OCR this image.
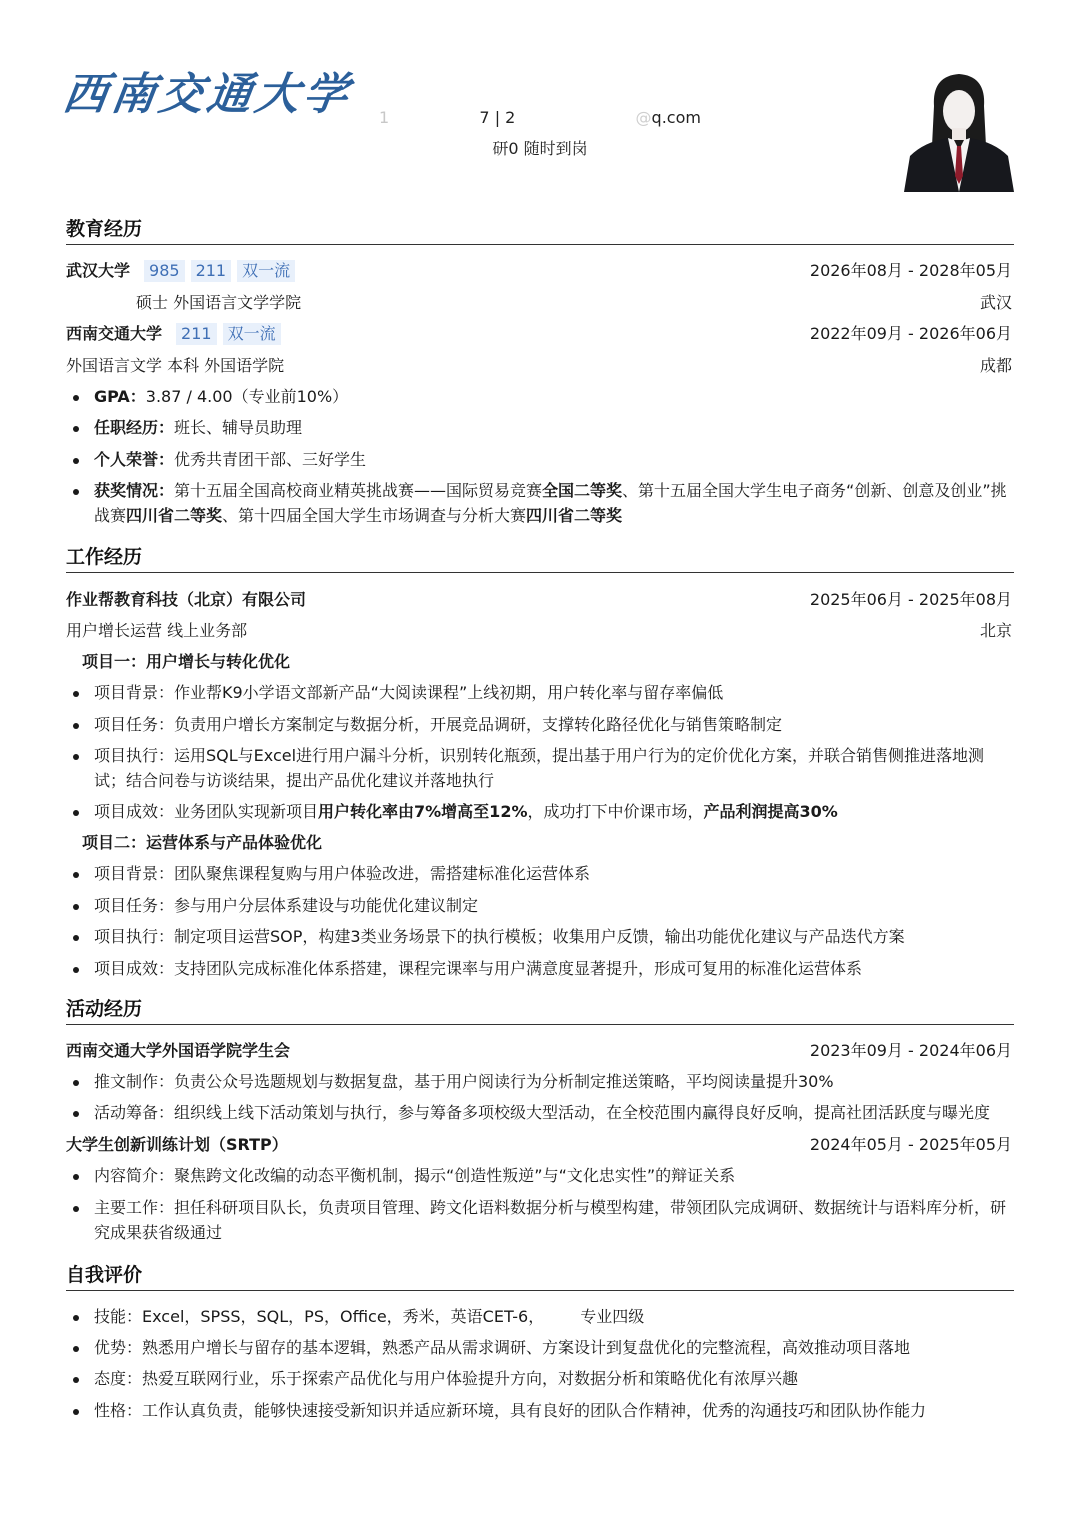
西南交通大学	1	7 | 2	@q.com
研0 随时到岗
教育经历
武汉大学 985 211 双一流	2026年08月 - 2028年05月
硕士 外国语言文学学院	武汉
西南交通大学 211 双一流	2022年09月 - 2026年06月
外国语言文学 本科 外国语学院	成都
GPA：3.87 / 4.00（专业前10%）
任职经历：班长、辅导员助理
个人荣誉：优秀共青团干部、三好学生
获奖情况：第十五届全国高校商业精英挑战赛——国际贸易竞赛全国二等奖、第十五届全国大学生电子商务“创新、创意及创业”挑战赛四川省二等奖、第十四届全国大学生市场调查与分析大赛四川省二等奖
工作经历
作业帮教育科技（北京）有限公司	2025年06月 - 2025年08月
用户增长运营 线上业务部	北京
项目一：用户增长与转化优化
项目背景：作业帮K9小学语文部新产品“大阅读课程”上线初期，用户转化率与留存率偏低
项目任务：负责用户增长方案制定与数据分析，开展竞品调研，支撑转化路径优化与销售策略制定
项目执行：运用SQL与Excel进行用户漏斗分析，识别转化瓶颈，提出基于用户行为的定价优化方案，并联合销售侧推进落地测试；结合问卷与访谈结果，提出产品优化建议并落地执行
项目成效：业务团队实现新项目用户转化率由7%增高至12%，成功打下中价课市场，产品利润提高30%
项目二：运营体系与产品体验优化
项目背景：团队聚焦课程复购与用户体验改进，需搭建标准化运营体系
项目任务：参与用户分层体系建设与功能优化建议制定
项目执行：制定项目运营SOP，构建3类业务场景下的执行模板；收集用户反馈，输出功能优化建议与产品迭代方案
项目成效：支持团队完成标准化体系搭建，课程完课率与用户满意度显著提升，形成可复用的标准化运营体系
活动经历
西南交通大学外国语学院学生会	2023年09月 - 2024年06月
推文制作：负责公众号选题规划与数据复盘，基于用户阅读行为分析制定推送策略，平均阅读量提升30%
活动筹备：组织线上线下活动策划与执行，参与筹备多项校级大型活动，在全校范围内赢得良好反响，提高社团活跃度与曝光度
大学生创新训练计划（SRTP）	2024年05月 - 2025年05月
内容简介：聚焦跨文化改编的动态平衡机制，揭示“创造性叛逆”与“文化忠实性”的辩证关系
主要工作：担任科研项目队长，负责项目管理、跨文化语料数据分析与模型构建，带领团队完成调研、数据统计与语料库分析，研究成果获省级通过
自我评价
技能：Excel，SPSS，SQL，PS，Office，秀米，英语CET-6， 专业四级
优势：熟悉用户增长与留存的基本逻辑，熟悉产品从需求调研、方案设计到复盘优化的完整流程，高效推动项目落地
态度：热爱互联网行业，乐于探索产品优化与用户体验提升方向，对数据分析和策略优化有浓厚兴趣
性格：工作认真负责，能够快速接受新知识并适应新环境，具有良好的团队合作精神，优秀的沟通技巧和团队协作能力
